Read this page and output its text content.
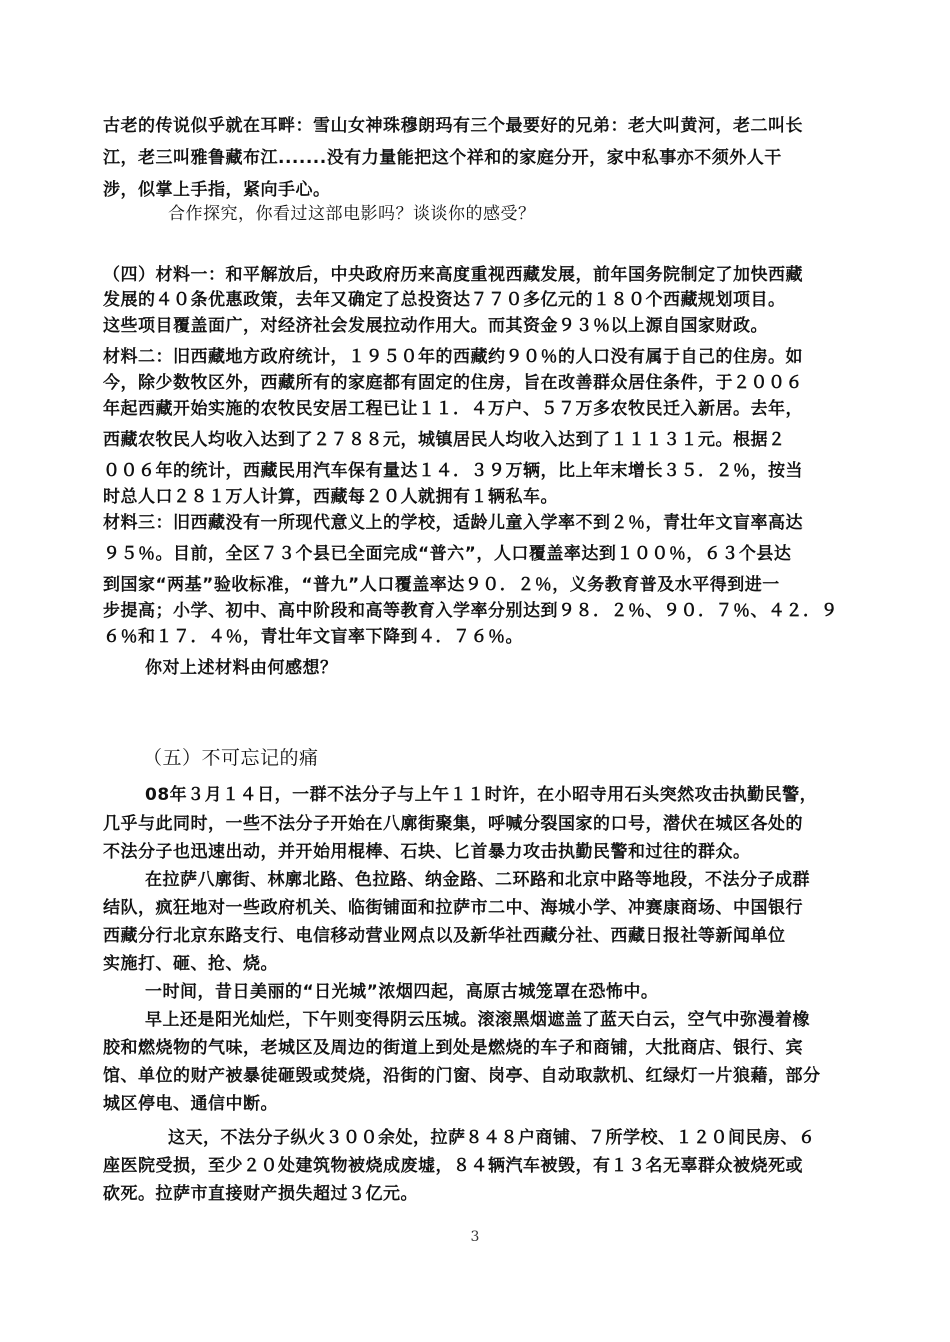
古老的传说似乎就在耳畔：雪山女神珠穆朗玛有三个最要好的兄弟：老大叫黄河，老二叫长
江，老三叫雅鲁藏布江.......没有力量能把这个祥和的家庭分开，家中私事亦不须外人干
涉，似掌上手指，紧向手心。
合作探究，你看过这部电影吗？谈谈你的感受？
（四）材料一：和平解放后，中央政府历来高度重视西藏发展，前年国务院制定了加快西藏
发展的４０条优惠政策，去年又确定了总投资达７７０多亿元的１８０个西藏规划项目。
这些项目覆盖面广，对经济社会发展拉动作用大。而其资金９３％以上源自国家财政。
材料二：旧西藏地方政府统计，１９５０年的西藏约９０％的人口没有属于自己的住房。如
今，除少数牧区外，西藏所有的家庭都有固定的住房，旨在改善群众居住条件，于２００６
年起西藏开始实施的农牧民安居工程已让１１．４万户、５７万多农牧民迁入新居。去年，
西藏农牧民人均收入达到了２７８８元，城镇居民人均收入达到了１１１３１元。根据２
００６年的统计，西藏民用汽车保有量达１４．３９万辆，比上年末增长３５．２％，按当
时总人口２８１万人计算，西藏每２０人就拥有１辆私车。
材料三：旧西藏没有一所现代意义上的学校，适龄儿童入学率不到２％，青壮年文盲率高达
９５％。目前，全区７３个县已全面完成“普六”，人口覆盖率达到１００％，６３个县达
到国家“两基”验收标准，“普九”人口覆盖率达９０．２％，义务教育普及水平得到进一
步提高；小学、初中、高中阶段和高等教育入学率分别达到９８．２％、９０．７％、４２．９
６％和１７．４％，青壮年文盲率下降到４．７６％。
你对上述材料由何感想？
（五）不可忘记的痛
08年３月１４日，一群不法分子与上午１１时许，在小昭寺用石头突然攻击执勤民警，
几乎与此同时，一些不法分子开始在八廓街聚集，呼喊分裂国家的口号，潜伏在城区各处的
不法分子也迅速出动，并开始用棍棒、石块、匕首暴力攻击执勤民警和过往的群众。
在拉萨八廓街、林廓北路、色拉路、纳金路、二环路和北京中路等地段，不法分子成群
结队，疯狂地对一些政府机关、临街铺面和拉萨市二中、海城小学、冲赛康商场、中国银行
西藏分行北京东路支行、电信移动营业网点以及新华社西藏分社、西藏日报社等新闻单位
实施打、砸、抢、烧。
一时间，昔日美丽的“日光城”浓烟四起，高原古城笼罩在恐怖中。
早上还是阳光灿烂，下午则变得阴云压城。滚滚黑烟遮盖了蓝天白云，空气中弥漫着橡
胶和燃烧物的气味，老城区及周边的街道上到处是燃烧的车子和商铺，大批商店、银行、宾
馆、单位的财产被暴徒砸毁或焚烧，沿街的门窗、岗亭、自动取款机、红绿灯一片狼藉，部分
城区停电、通信中断。
这天，不法分子纵火３００余处，拉萨８４８户商铺、７所学校、１２０间民房、６
座医院受损，至少２０处建筑物被烧成废墟，８４辆汽车被毁，有１３名无辜群众被烧死或
砍死。拉萨市直接财产损失超过３亿元。
3
